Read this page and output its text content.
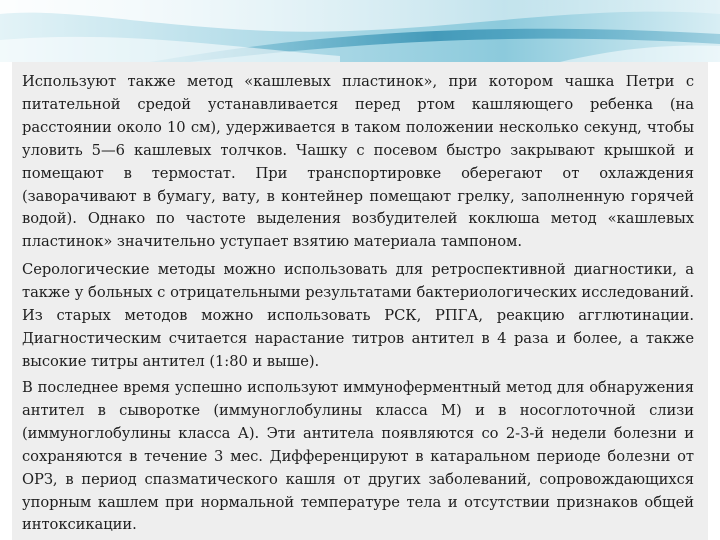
Используют также метод «кашлевых пластинок», при котором чашка Петри с питательной средой устанавливается перед ртом кашляющего ребенка (на расстоянии около 10 см), удерживается в таком положении несколько секунд, чтобы уловить 5—6 кашлевых толчков. Чашку с посевом быстро закрывают крышкой и помещают в термостат. При транспортировке оберегают от охлаждения (заворачивают в бумагу, вату, в контейнер помещают грелку, заполненную горячей водой). Однако по частоте выделения возбудителей коклюша метод «кашлевых пластинок» значительно уступает взятию материала тампоном.

Серологические методы можно использовать для ретроспективной диагностики, а также у больных с отрицательными результатами бактериологических исследований. Из старых методов можно использовать РСК, РПГА, реакцию агглютинации. Диагностическим считается нарастание титров антител в 4 раза и более, а также высокие титры антител (1:80 и выше).

В последнее время успешно используют иммуноферментный метод для обнаружения антител в сыворотке (иммуноглобулины класса М) и в носоглоточной слизи (иммуноглобулины класса А). Эти антитела появляются со 2-3-й недели болезни и сохраняются в течение 3 мес. Дифференцируют в катаральном периоде болезни от ОРЗ, в период спазматического кашля от других заболеваний, сопровождающихся упорным кашлем при нормальной температуре тела и отсутствии признаков общей интоксикации.
